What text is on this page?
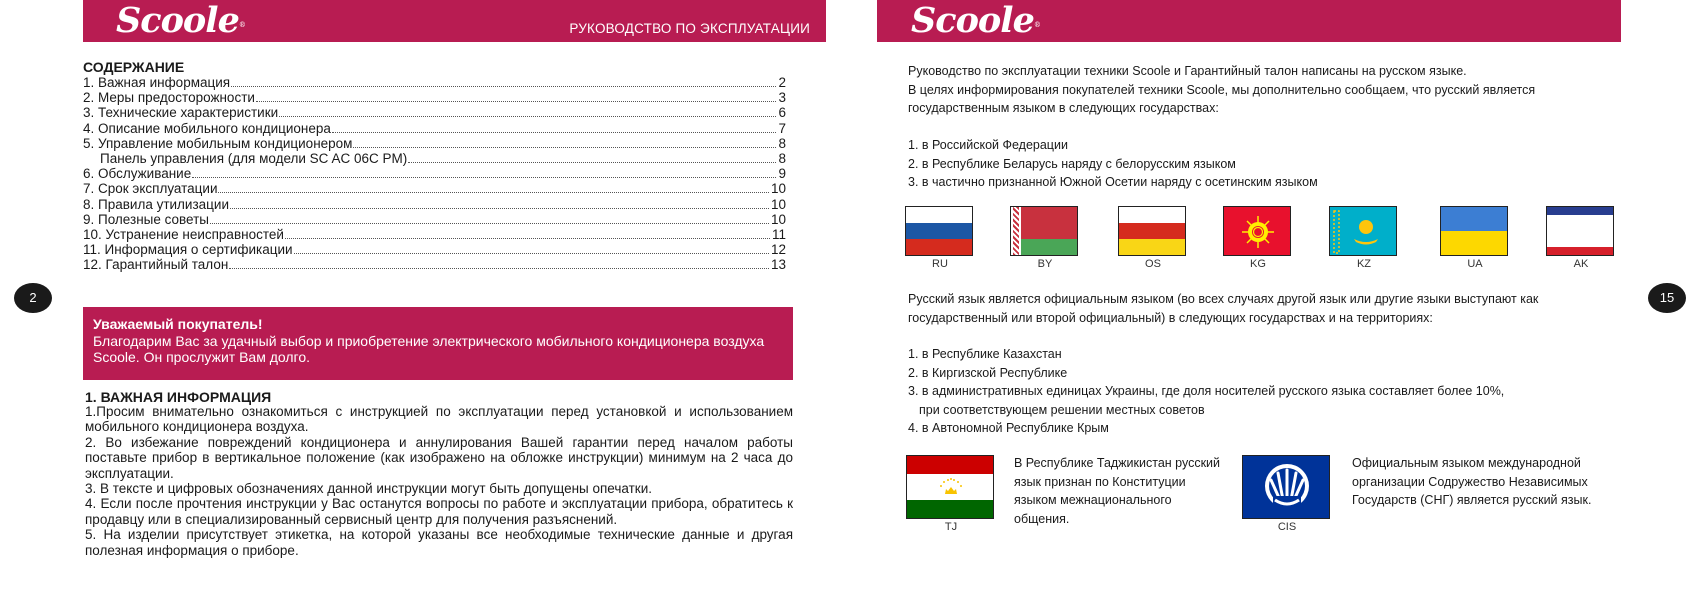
Scoole®	РУКОВОДСТВО ПО ЭКСПЛУАТАЦИИ
СОДЕРЖАНИЕ
1. Важная информация	2
2. Меры предосторожности	3
3. Технические характеристики	6
4. Описание мобильного кондиционера	7
5. Управление мобильным кондиционером	8
Панель управления (для модели SC AC 06C PM)	8
6. Обслуживание	9
7. Срок эксплуатации	10
8. Правила утилизации	10
9. Полезные советы	10
10. Устранение неисправностей	11
11. Информация о сертификации	12
12. Гарантийный талон	13
2
Уважаемый покупатель!
Благодарим Вас за удачный выбор и приобретение электрического мобильного кондиционера воздуха Scoole. Он прослужит Вам долго.
1. ВАЖНАЯ ИНФОРМАЦИЯ

1.Просим внимательно ознакомиться с инструкцией по эксплуатации перед установкой и использованием мобильного кондиционера воздуха.

2. Во избежание повреждений кондиционера и аннулирования Вашей гарантии перед началом работы поставьте прибор в вертикальное положение (как изображено на обложке инструкции) минимум на 2 часа до эксплуатации.

3. В тексте и цифровых обозначениях данной инструкции могут быть допущены опечатки.

4. Если после прочтения инструкции у Вас останутся вопросы по работе и эксплуатации прибора, обратитесь к продавцу или в специализированный сервисный центр для получения разъяснений.

5. На изделии присутствует этикетка, на которой указаны все необходимые технические данные и другая полезная информация о приборе.

Scoole®

Руководство по эксплуатации техники Scoole и Гарантийный талон написаны на русском языке.

В целях информирования покупателей техники Scoole, мы дополнительно сообщаем, что русский является государственным языком в следующих государствах:

1. в Российской Федерации

2. в Республике Беларусь наряду с белорусским языком

3. в частично признанной Южной Осетии наряду с осетинским языком

RU	BY	OS	KG	KZ	UA	AK
Русский язык является официальным языком (во всех случаях другой язык или другие языки выступают как государственный или второй официальный) в следующих государствах и на территориях:

1. в Республике Казахстан

2. в Киргизской Республике

3. в административных единицах Украины, где доля носителей русского языка составляет более 10%,

при соответствующем решении местных советов

4. в Автономной Республике Крым

TJ
В Республике Таджикистан русский язык признан по Конституции языком межнационального общения.
CIS
Официальным языком международной организации Содружество Независимых Государств (СНГ) является русский язык.
15
